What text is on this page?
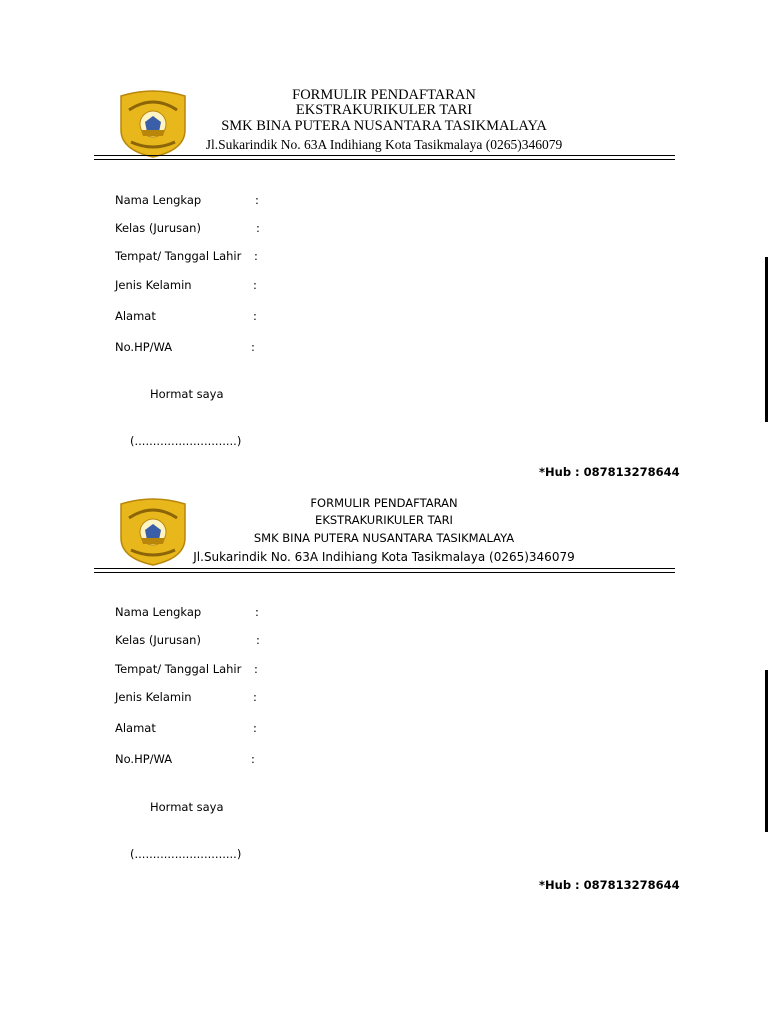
FORMULIR PENDAFTARAN
EKSTRAKURIKULER TARI
SMK BINA PUTERA NUSANTARA TASIKMALAYA
Jl.Sukarindik No. 63A Indihiang Kota Tasikmalaya (0265)346079
Nama Lengkap	:
Kelas (Jurusan)	:
Tempat/ Tanggal Lahir :
Jenis Kelamin	:
Alamat	:
No.HP/WA	:
Hormat saya
(............................)
*Hub : 087813278644
FORMULIR PENDAFTARAN
EKSTRAKURIKULER TARI
SMK BINA PUTERA NUSANTARA TASIKMALAYA
Jl.Sukarindik No. 63A Indihiang Kota Tasikmalaya (0265)346079
Nama Lengkap	:
Kelas (Jurusan)	:
Tempat/ Tanggal Lahir :
Jenis Kelamin	:
Alamat	:
No.HP/WA	:
Hormat saya
(............................)
*Hub : 087813278644
